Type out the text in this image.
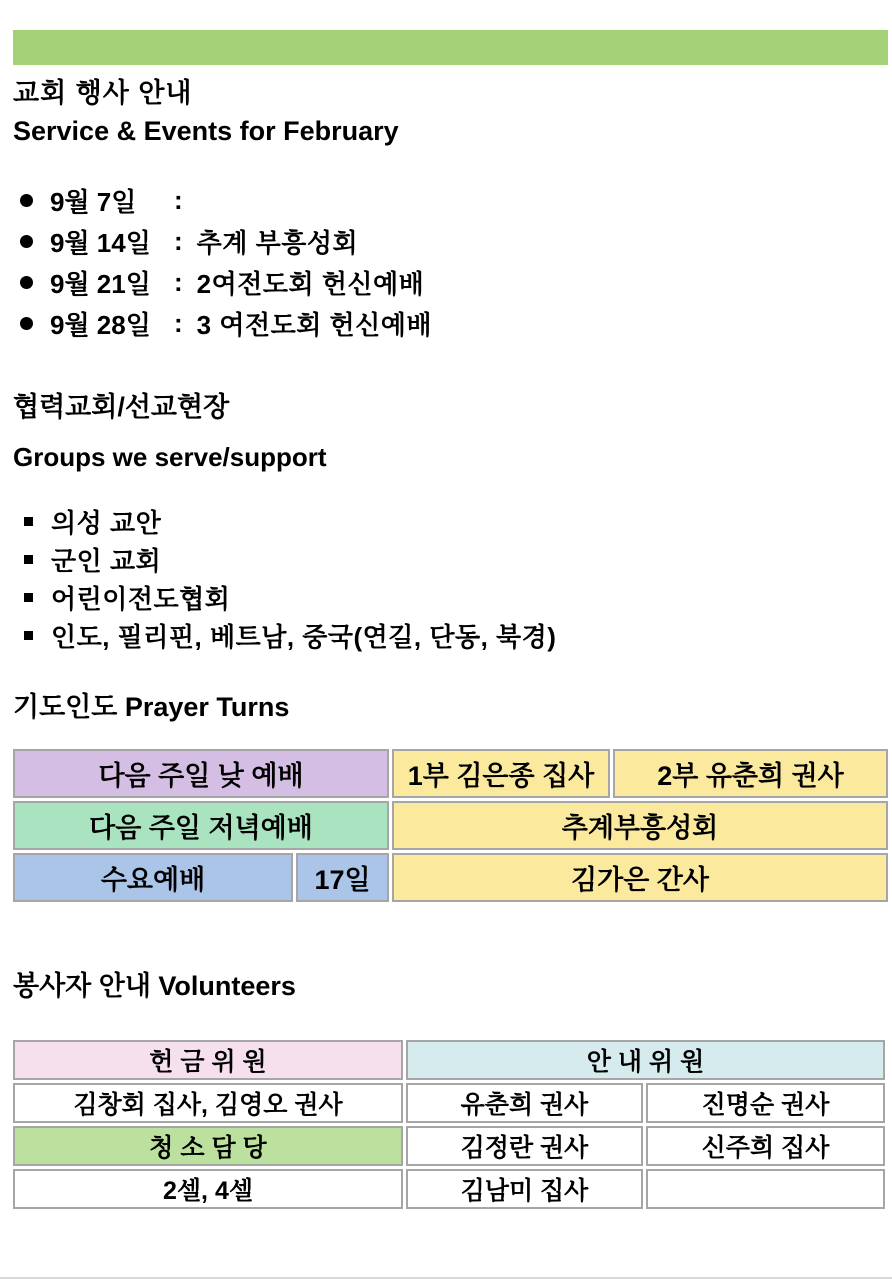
교회 행사 안내
Service & Events for February
9월 7일	:
9월 14일 : 추계 부흥성회
9월 21일 : 2여전도회 헌신예배
9월 28일 : 3 여전도회 헌신예배
협력교회/선교현장
Groups we serve/support
의성 교안
군인 교회
어린이전도협회
인도, 필리핀, 베트남, 중국(연길, 단동, 북경)
기도인도 Prayer Turns
다음 주일 낮 예배		1부 김은종 집사	2부 유춘희 권사
다음 주일 저녁예배		추계부흥성회	
수요예배	17일	김가은 간사	
봉사자 안내 Volunteers
헌 금 위 원	안 내 위 원	
김창회 집사, 김영오 권사	유춘희 권사	진명순 권사
청 소 담 당	김정란 권사	신주희 집사
2셀, 4셀	김남미 집사	
